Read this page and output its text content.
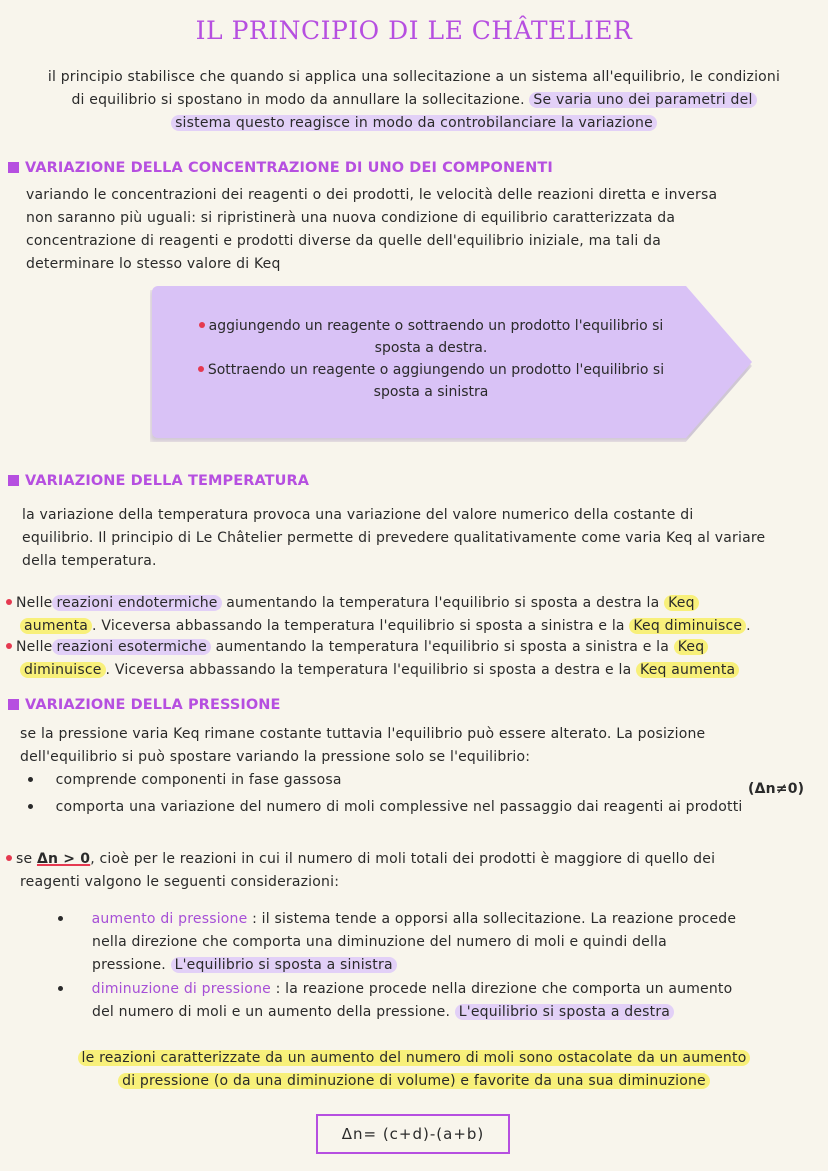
IL PRINCIPIO DI LE CHÂTELIER
il principio stabilisce che quando si applica una sollecitazione a un sistema all'equilibrio, le condizioni
di equilibrio si spostano in modo da annullare la sollecitazione. Se varia uno dei parametri del
sistema questo reagisce in modo da controbilanciare la variazione
VARIAZIONE DELLA CONCENTRAZIONE DI UNO DEI COMPONENTI
variando le concentrazioni dei reagenti o dei prodotti, le velocità delle reazioni diretta e inversa
non saranno più uguali: si ripristinerà una nuova condizione di equilibrio caratterizzata da
concentrazione di reagenti e prodotti diverse da quelle dell'equilibrio iniziale, ma tali da
determinare lo stesso valore di Keq
aggiungendo un reagente o sottraendo un prodotto l'equilibrio si
sposta a destra.
Sottraendo un reagente o aggiungendo un prodotto l'equilibrio si
sposta a sinistra
VARIAZIONE DELLA TEMPERATURA
la variazione della temperatura provoca una variazione del valore numerico della costante di
equilibrio. Il principio di Le Châtelier permette di prevedere qualitativamente come varia Keq al variare
della temperatura.
Nelle reazioni endotermiche aumentando la temperatura l'equilibrio si sposta a destra la Keq
aumenta . Viceversa abbassando la temperatura l'equilibrio si sposta a sinistra e la Keq diminuisce .
Nelle reazioni esotermiche aumentando la temperatura l'equilibrio si sposta a sinistra e la Keq
diminuisce . Viceversa abbassando la temperatura l'equilibrio si sposta a destra e la Keq aumenta
VARIAZIONE DELLA PRESSIONE
se la pressione varia Keq rimane costante tuttavia l'equilibrio può essere alterato. La posizione
dell'equilibrio si può spostare variando la pressione solo se l'equilibrio:
comprende componenti in fase gassosa
(Δn≠0)
comporta una variazione del numero di moli complessive nel passaggio dai reagenti ai prodotti
se Δn > 0, cioè per le reazioni in cui il numero di moli totali dei prodotti è maggiore di quello dei
reagenti valgono le seguenti considerazioni:
aumento di pressione : il sistema tende a opporsi alla sollecitazione. La reazione procede
nella direzione che comporta una diminuzione del numero di moli e quindi della
pressione. L'equilibrio si sposta a sinistra
diminuzione di pressione : la reazione procede nella direzione che comporta un aumento
del numero di moli e un aumento della pressione. L'equilibrio si sposta a destra
le reazioni caratterizzate da un aumento del numero di moli sono ostacolate da un aumento
di pressione (o da una diminuzione di volume) e favorite da una sua diminuzione
Δn= (c+d)-(a+b)
